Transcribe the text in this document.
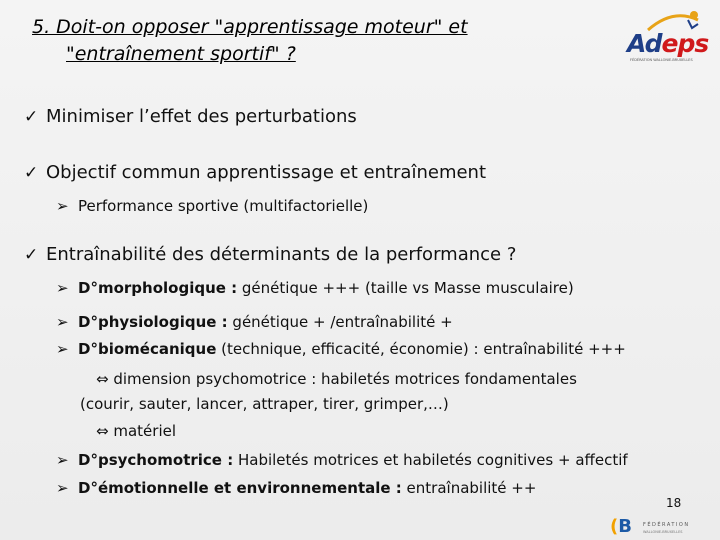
5. Doit-on opposer "apprentissage moteur" et
"entraînement sportif" ?	Adeps
FÉDÉRATION WALLONIE-BRUXELLES
✓ Minimiser l’effet des perturbations
✓ Objectif commun apprentissage et entraînement
➢ Performance sportive (multifactorielle)
✓ Entraînabilité des déterminants de la performance ?
➢ D°morphologique : génétique +++ (taille vs Masse musculaire)
➢ D°physiologique : génétique + /entraînabilité +
➢ D°biomécanique (technique, efficacité, économie) : entraînabilité +++
⇔ dimension psychomotrice : habiletés motrices fondamentales
(courir, sauter, lancer, attraper, tirer, grimper,…)
⇔ matériel
➢ D°psychomotrice : Habiletés motrices et habiletés cognitives + affectif
➢ D°émotionnelle et environnementale : entraînabilité ++
18
(B FÉDÉRATION
WALLONIE-BRUXELLES
